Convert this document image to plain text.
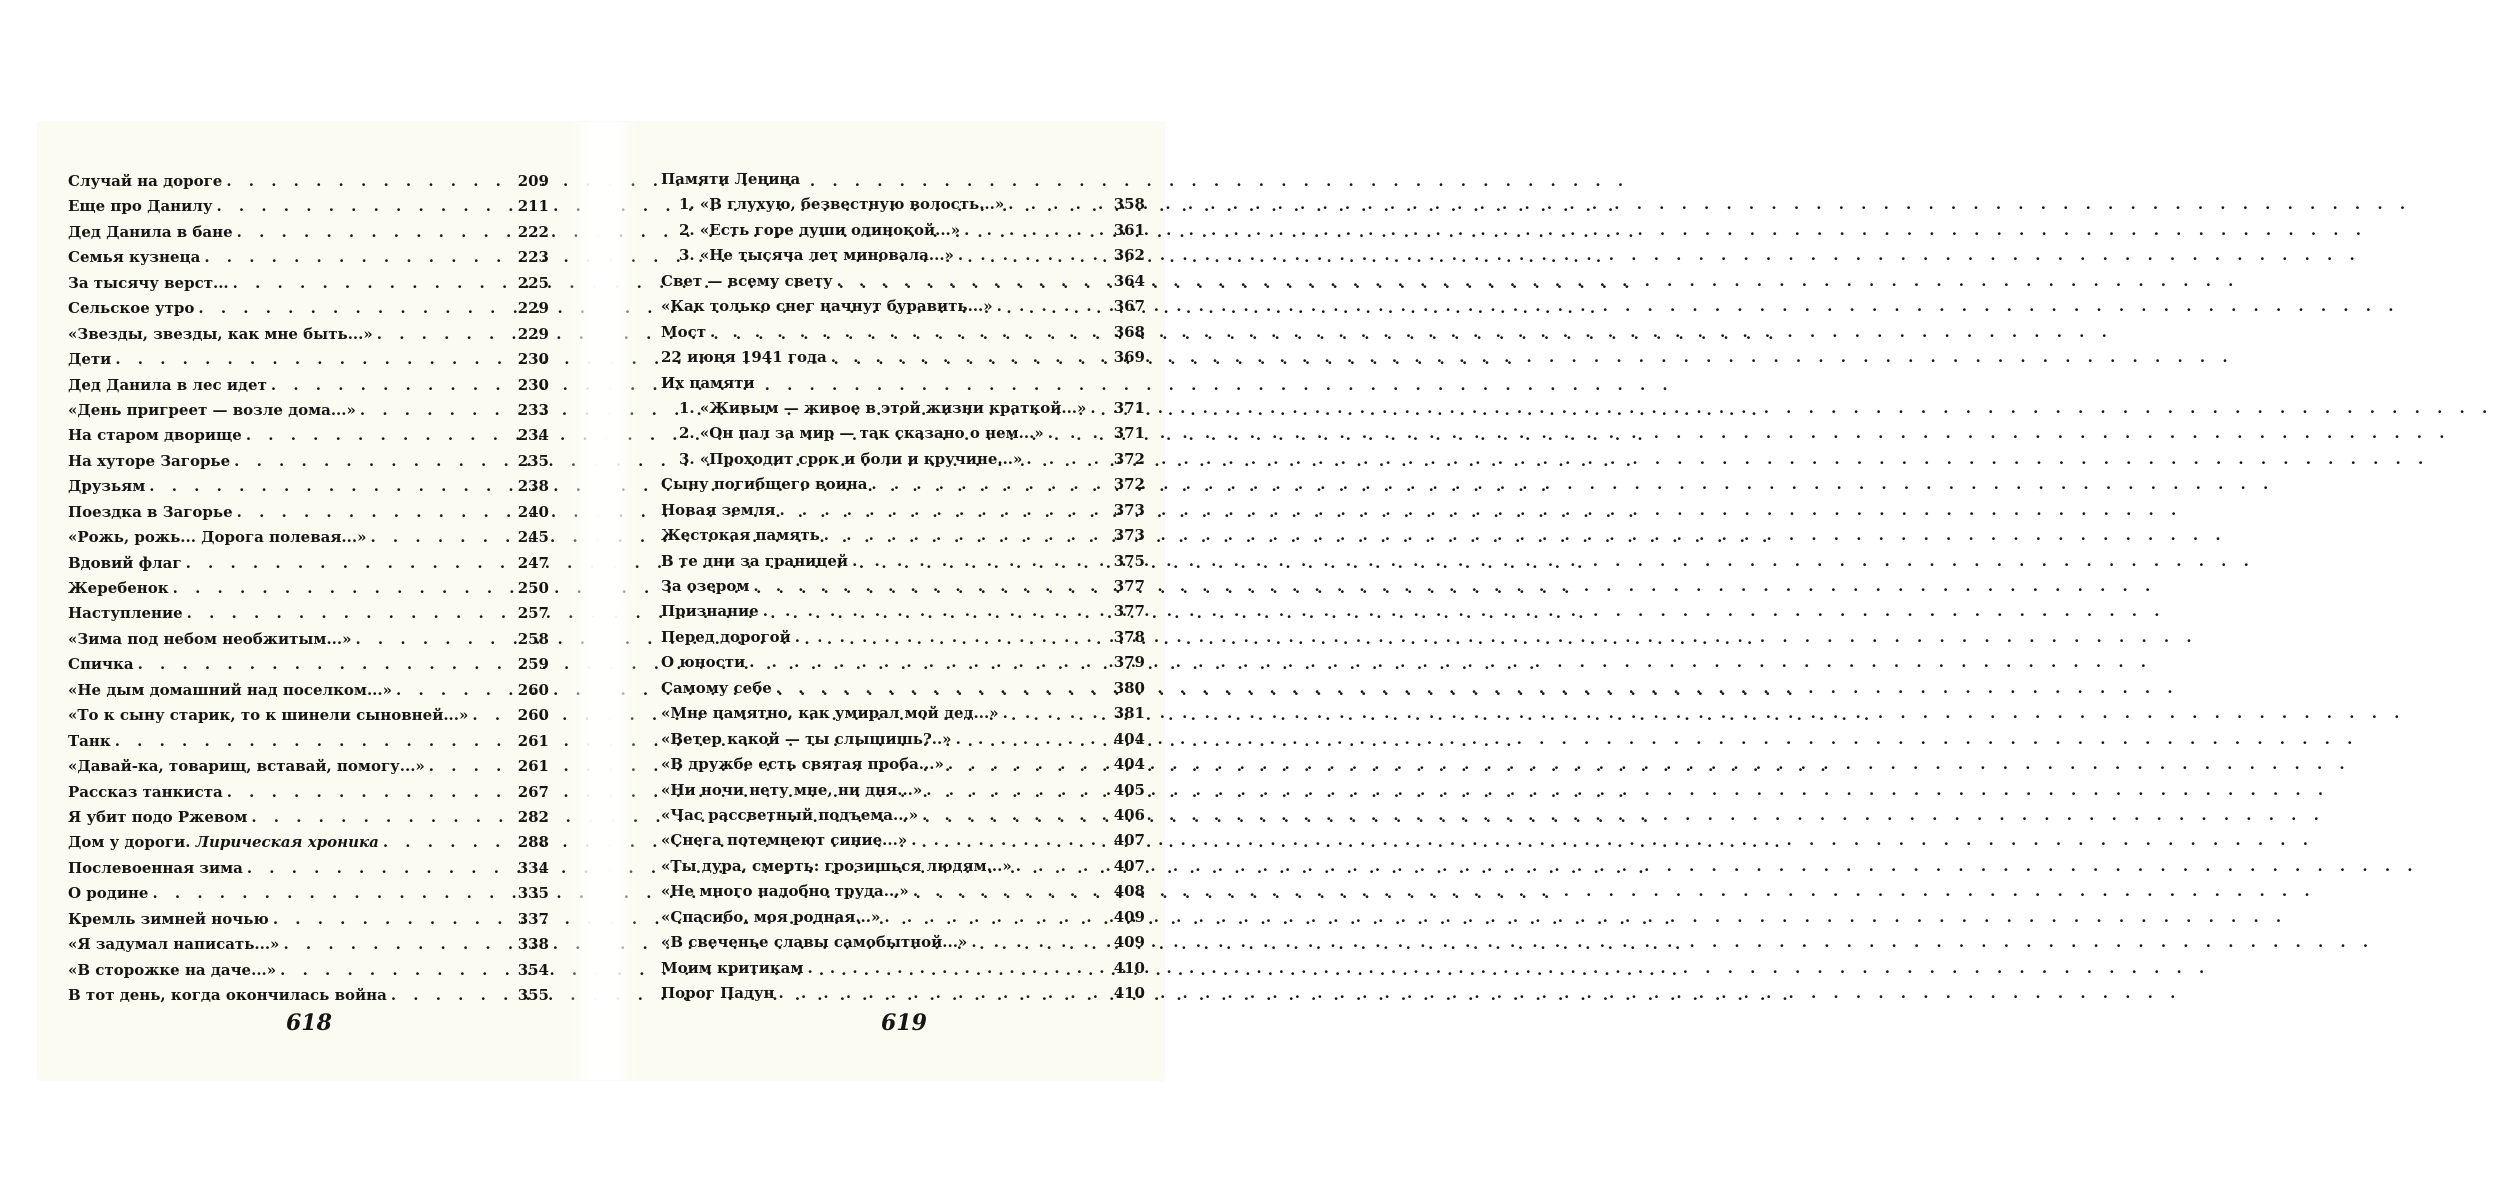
Случай на дороге . . .	209
Еще про Данилу . . .	211
Дед Данила в бане . . .	222
Семья кузнеца . . .	223
За тысячу верст... . . .	225
Сельское утро . . .	229
«Звезды, звезды, как мне быть...» . . .	229
Дети . . .	230
Дед Данила в лес идет . . .	230
«День пригреет — возле дома...» . . .	233
На старом дворище . . .	234
На хуторе Загорье . . .	235
Друзьям . . .	238
Поездка в Загорье . . .	240
«Рожь, рожь... Дорога полевая...» . . .	245
Вдовий флаг . . .	247
Жеребенок . . .	250
Наступление . . .	257
«Зима под небом необжитым...» . . .	258
Спичка . . .	259
«Не дым домашний над поселком...» . . .	260
«То к сыну старик, то к шинели сыновней...» . . .	260
Танк . . .	261
«Давай-ка, товарищ, вставай, помогу...» . . .	261
Рассказ танкиста . . .	267
Я убит подо Ржевом . . .	282
Дом у дороги. Лирическая хроника . . .	288
Послевоенная зима . . .	334
О родине . . .	335
Кремль зимней ночью . . .	337
«Я задумал написать...» . . .	338
«В сторожке на даче...» . . .	354
В тот день, когда окончилась война . . .	355
618
Памяти Ленина
1. «В глухую, безвестную волость...» . . .	358
2. «Есть горе души одинокой...» . . .	361
3. «Не тысяча лет миновала...» . . .	362
Свет — всему свету . . .	364
«Как только снег начнут буравить...» . . .	367
Мост . . .	368
22 июня 1941 года . . .	369
Их памяти
1. «Живым — живое в этой жизни краткой...» . . . 371
2. «Он пал за мир — так сказано о нем...» . . .	371
3. «Проходит срок и боли и кручине...» . . .	372
Сыну погибшего воина . . .	372
Новая земля . . .	373
Жестокая память . . .	373
В те дни за границей . . .	375
За озером . . .	377
Признание . . .	377
Перед дорогой . . .	378
О юности . . .	379
Самому себе . . .	380
«Мне памятно, как умирал мой дед...» . . .	381
«Ветер какой — ты слышишь?..» . . .	404
«В дружбе есть святая проба...» . . .	404
«Ни ночи нету мне, ни дня...» . . .	405
«Час рассветный подъема...» . . .	406
«Снега потемнеют синие...» . . .	407
«Ты дура, смерть: грозишься людям...» . . .	407
«Не много надобно труда...» . . .	408
«Спасибо, моя родная...» . . .	409
«В свеченье славы самобытной...» . . .	409
Моим критикам . . .	410
Порог Падун . . .	410
619
